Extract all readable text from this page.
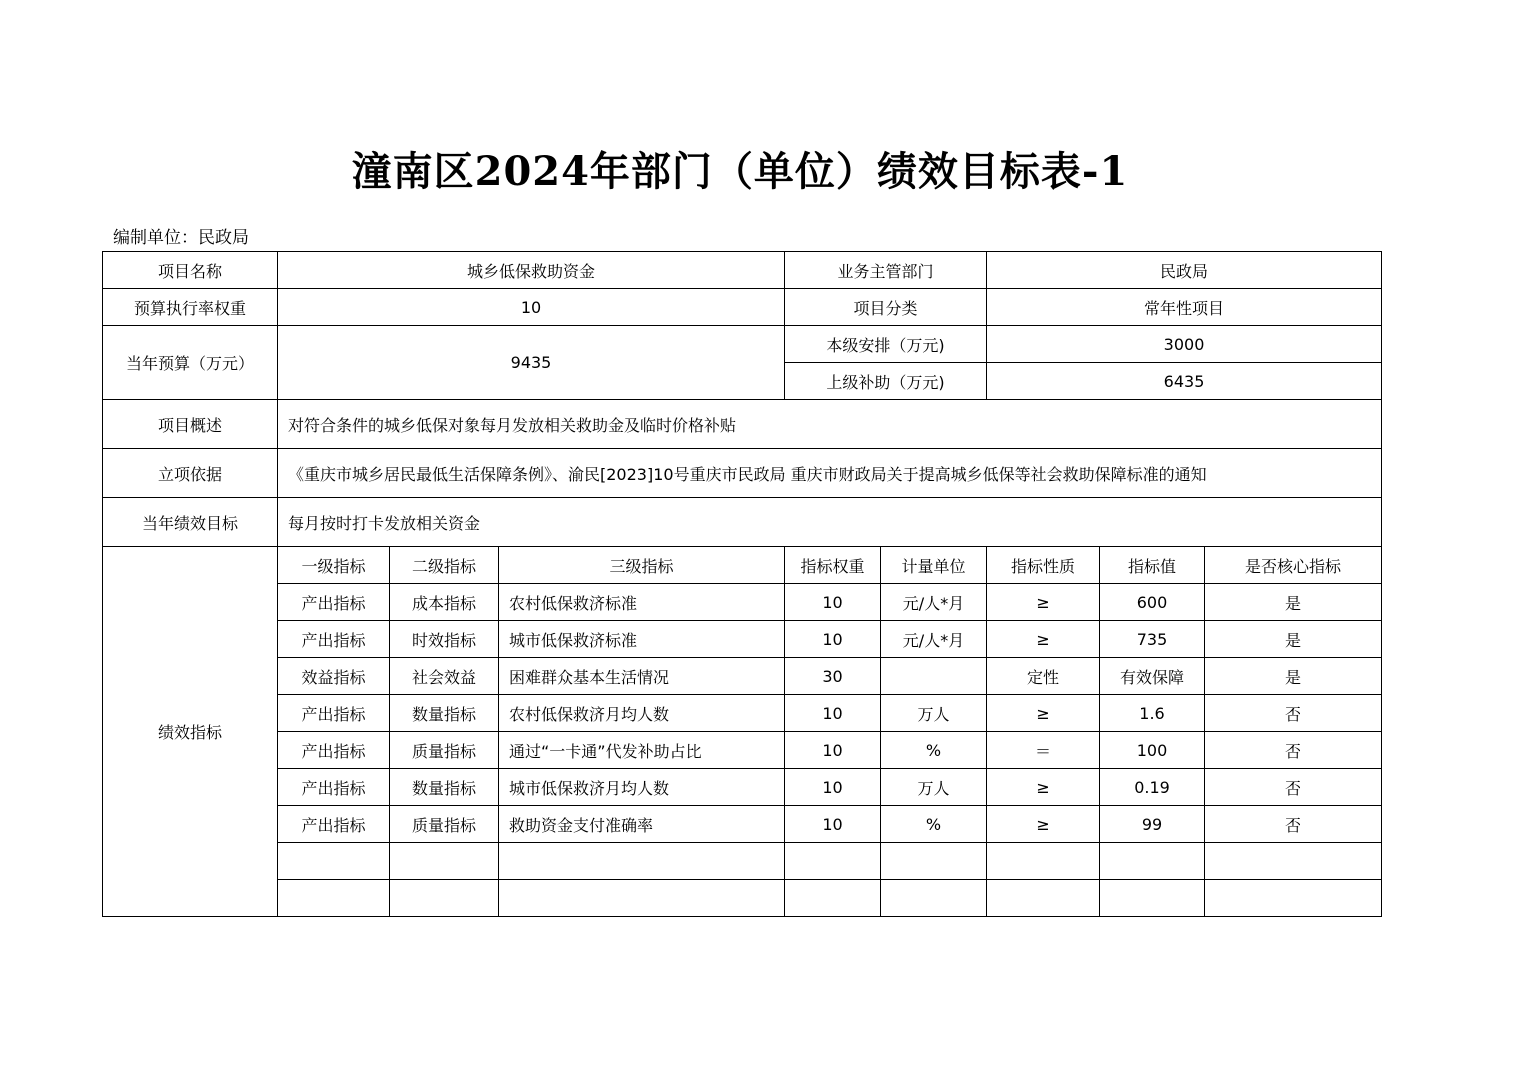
潼南区2024年部门（单位）绩效目标表-1
编制单位：民政局
项目名称	城乡低保救助资金			业务主管部门		民政局		
预算执行率权重	10			项目分类		常年性项目		
当年预算（万元）	9435			本级安排（万元)		3000		
				上级补助（万元)		6435		
项目概述	对符合条件的城乡低保对象每月发放相关救助金及临时价格补贴							
立项依据	《重庆市城乡居民最低生活保障条例》、渝民[2023]10号重庆市民政局 重庆市财政局关于提高城乡低保等社会救助保障标准的通知							
当年绩效目标	每月按时打卡发放相关资金							
绩效指标	一级指标	二级指标	三级指标	指标权重	计量单位	指标性质	指标值	是否核心指标
	产出指标	成本指标	农村低保救济标准	10	元/人*月	≥	600	是
	产出指标	时效指标	城市低保救济标准	10	元/人*月	≥	735	是
	效益指标	社会效益	困难群众基本生活情况	30		定性	有效保障	是
	产出指标	数量指标	农村低保救济月均人数	10	万人	≥	1.6	否
	产出指标	质量指标	通过“一卡通”代发补助占比	10	%	＝	100	否
	产出指标	数量指标	城市低保救济月均人数	10	万人	≥	0.19	否
	产出指标	质量指标	救助资金支付准确率	10	%	≥	99	否
